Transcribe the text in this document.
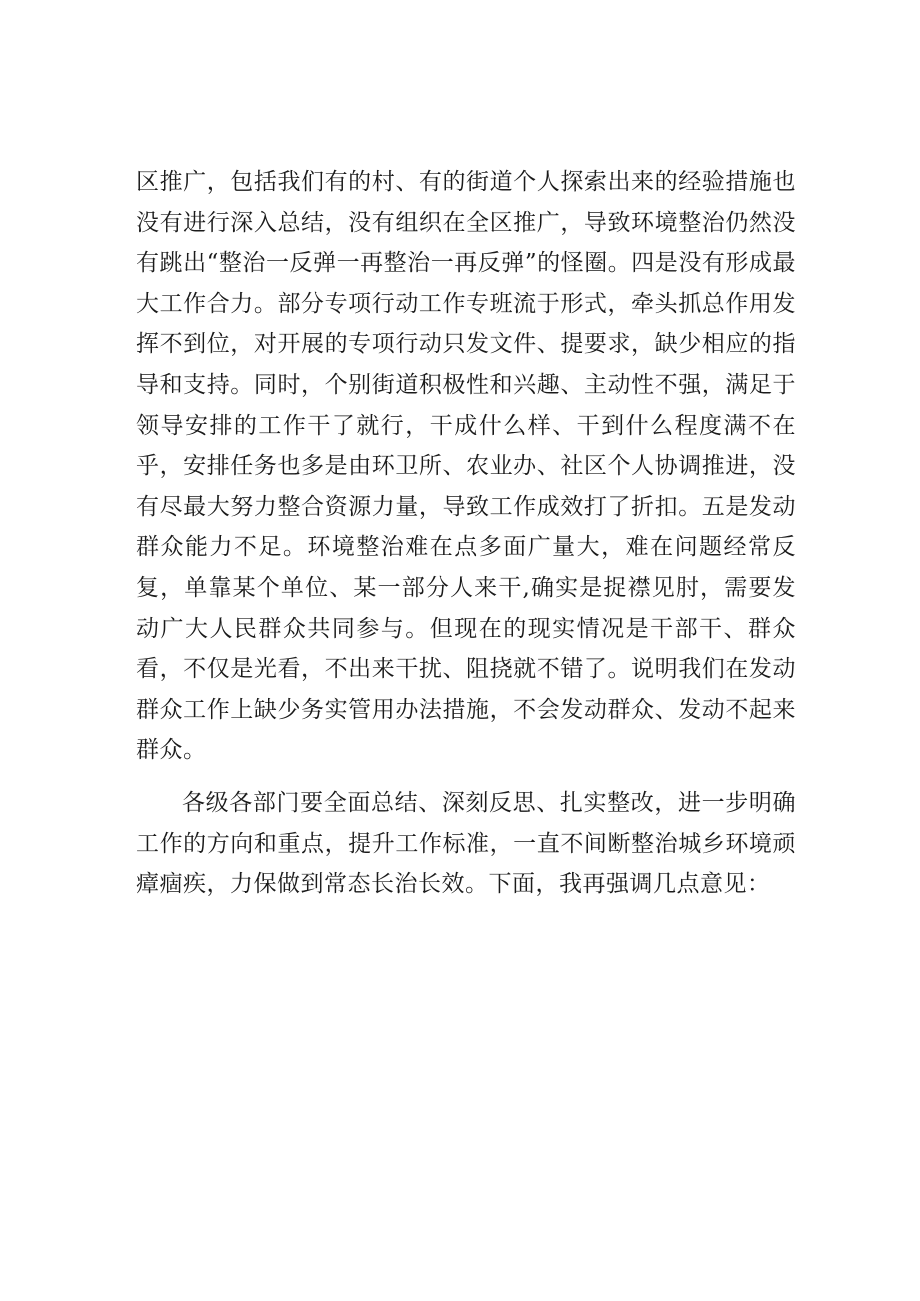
区推广，包括我们有的村、有的街道个人探索出来的经验措施也没有进行深入总结，没有组织在全区推广，导致环境整治仍然没有跳出“整治一反弹一再整治一再反弹”的怪圈。四是没有形成最大工作合力。部分专项行动工作专班流于形式，牵头抓总作用发挥不到位，对开展的专项行动只发文件、提要求，缺少相应的指导和支持。同时，个别街道积极性和兴趣、主动性不强，满足于领导安排的工作干了就行，干成什么样、干到什么程度满不在乎，安排任务也多是由环卫所、农业办、社区个人协调推进，没有尽最大努力整合资源力量，导致工作成效打了折扣。五是发动群众能力不足。环境整治难在点多面广量大，难在问题经常反复，单靠某个单位、某一部分人来干,确实是捉襟见肘，需要发动广大人民群众共同参与。但现在的现实情况是干部干、群众看，不仅是光看，不出来干扰、阻挠就不错了。说明我们在发动群众工作上缺少务实管用办法措施，不会发动群众、发动不起来群众。

各级各部门要全面总结、深刻反思、扎实整改，进一步明确工作的方向和重点，提升工作标准，一直不间断整治城乡环境顽瘴痼疾，力保做到常态长治长效。下面，我再强调几点意见：
